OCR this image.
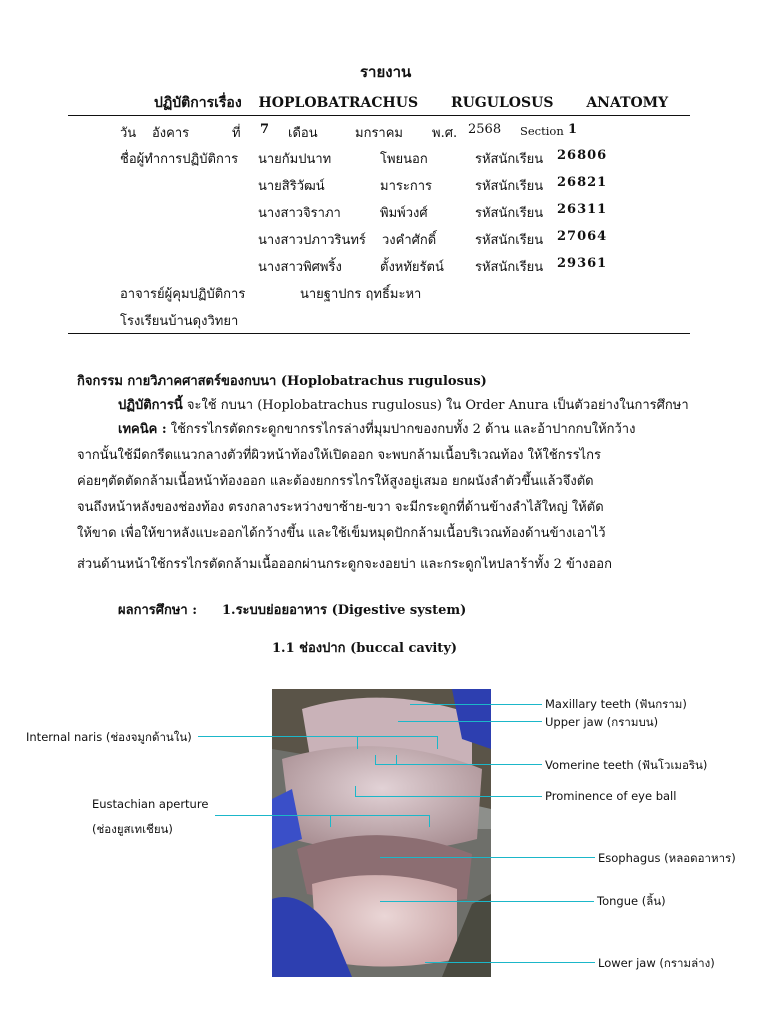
รายงาน
ปฏิบัติการเรื่อง HOPLOBATRACHUS RUGULOSUS ANATOMY
วัน อังคาร	ที่ 7 เดือน	มกราคม พ.ศ. 2568 Section 1
ชื่อผู้ทำการปฏิบัติการ นายกัมปนาท	โพยนอก	รหัสนักเรียน 26806
นายสิริวัฒน์	มาระการ	รหัสนักเรียน 26821
นางสาวจิราภา	พิมพ์วงศ์	รหัสนักเรียน 26311
นางสาวปภาวรินทร์ วงคำศักดิ์	รหัสนักเรียน 27064
นางสาวพิศพริ้ง	ตั้งหทัยรัตน์ รหัสนักเรียน 29361
อาจารย์ผู้คุมปฏิบัติการ	นายฐาปกร ฤทธิ์มะหา
โรงเรียนบ้านดุงวิทยา
กิจกรรม กายวิภาคศาสตร์ของกบนา (Hoplobatrachus rugulosus)
ปฏิบัติการนี้ จะใช้ กบนา (Hoplobatrachus rugulosus) ใน Order Anura เป็นตัวอย่างในการศึกษา
เทคนิค : ใช้กรรไกรตัดกระดูกขากรรไกรล่างที่มุมปากของกบทั้ง 2 ด้าน และอ้าปากกบให้กว้าง
จากนั้นใช้มีดกรีดแนวกลางตัวที่ผิวหน้าท้องให้เปิดออก จะพบกล้ามเนื้อบริเวณท้อง ให้ใช้กรรไกร
ค่อยๆตัดตัดกล้ามเนื้อหน้าท้องออก และต้องยกกรรไกรให้สูงอยู่เสมอ ยกผนังลำตัวขึ้นแล้วจึงตัด
จนถึงหน้าหลังของช่องท้อง ตรงกลางระหว่างขาซ้าย-ขวา จะมีกระดูกที่ด้านข้างลำไส้ใหญ่ ให้ตัด
ให้ขาด เพื่อให้ขาหลังแบะออกได้กว้างขึ้น และใช้เข็มหมุดปักกล้ามเนื้อบริเวณท้องด้านข้างเอาไว้
ส่วนด้านหน้าใช้กรรไกรตัดกล้ามเนื้อออกผ่านกระดูกจะงอยบ่า และกระดูกไหปลาร้าทั้ง 2 ข้างออก
ผลการศึกษา : 1.ระบบย่อยอาหาร (Digestive system)
1.1 ช่องปาก (buccal cavity)
Maxillary teeth (ฟันกราม)
Upper jaw (กรามบน)
Internal naris (ช่องจมูกด้านใน)
Vomerine teeth (ฟันโวเมอริน)
Prominence of eye ball
Eustachian aperture
(ช่องยูสเทเชียน)
Esophagus (หลอดอาหาร)
Tongue (ลิ้น)
Lower jaw (กรามล่าง)
